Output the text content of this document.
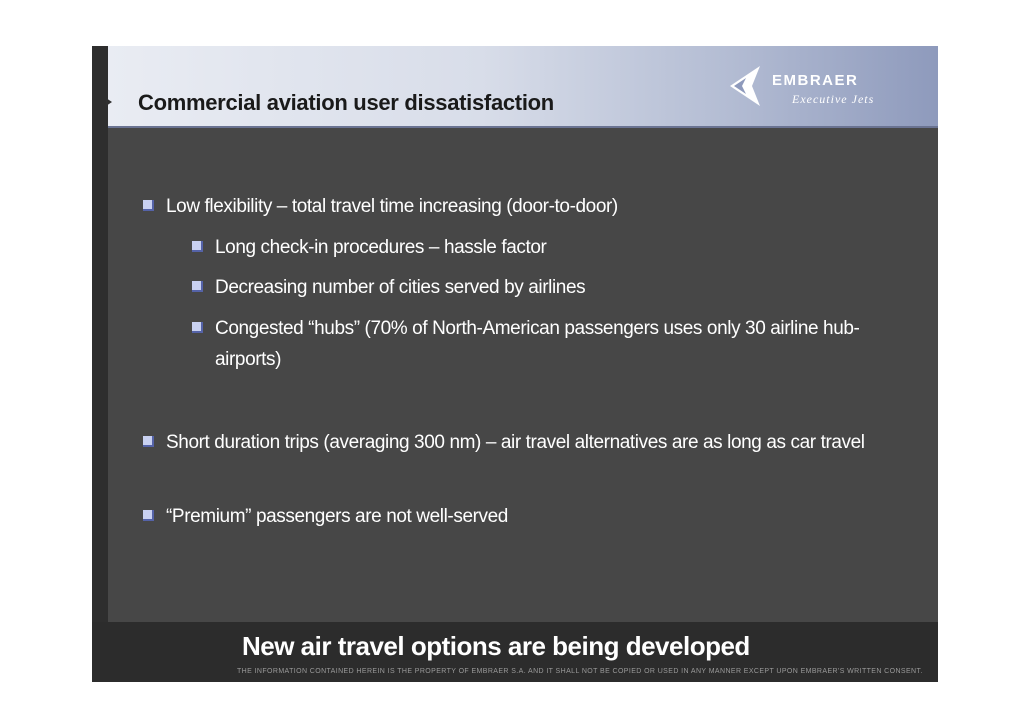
Commercial aviation user dissatisfaction
EMBRAER
Executive Jets
Low flexibility – total travel time increasing (door-to-door)
Long check-in procedures – hassle factor
Decreasing number of cities served by airlines
Congested “hubs” (70% of North-American passengers uses only 30 airline hub-airports)
Short duration trips (averaging 300 nm) – air travel alternatives are as long as car travel
“Premium” passengers are not well-served
New air travel options are being developed
THE INFORMATION CONTAINED HEREIN IS THE PROPERTY OF EMBRAER S.A. AND IT SHALL NOT BE COPIED OR USED IN ANY MANNER EXCEPT UPON EMBRAER'S WRITTEN CONSENT.
